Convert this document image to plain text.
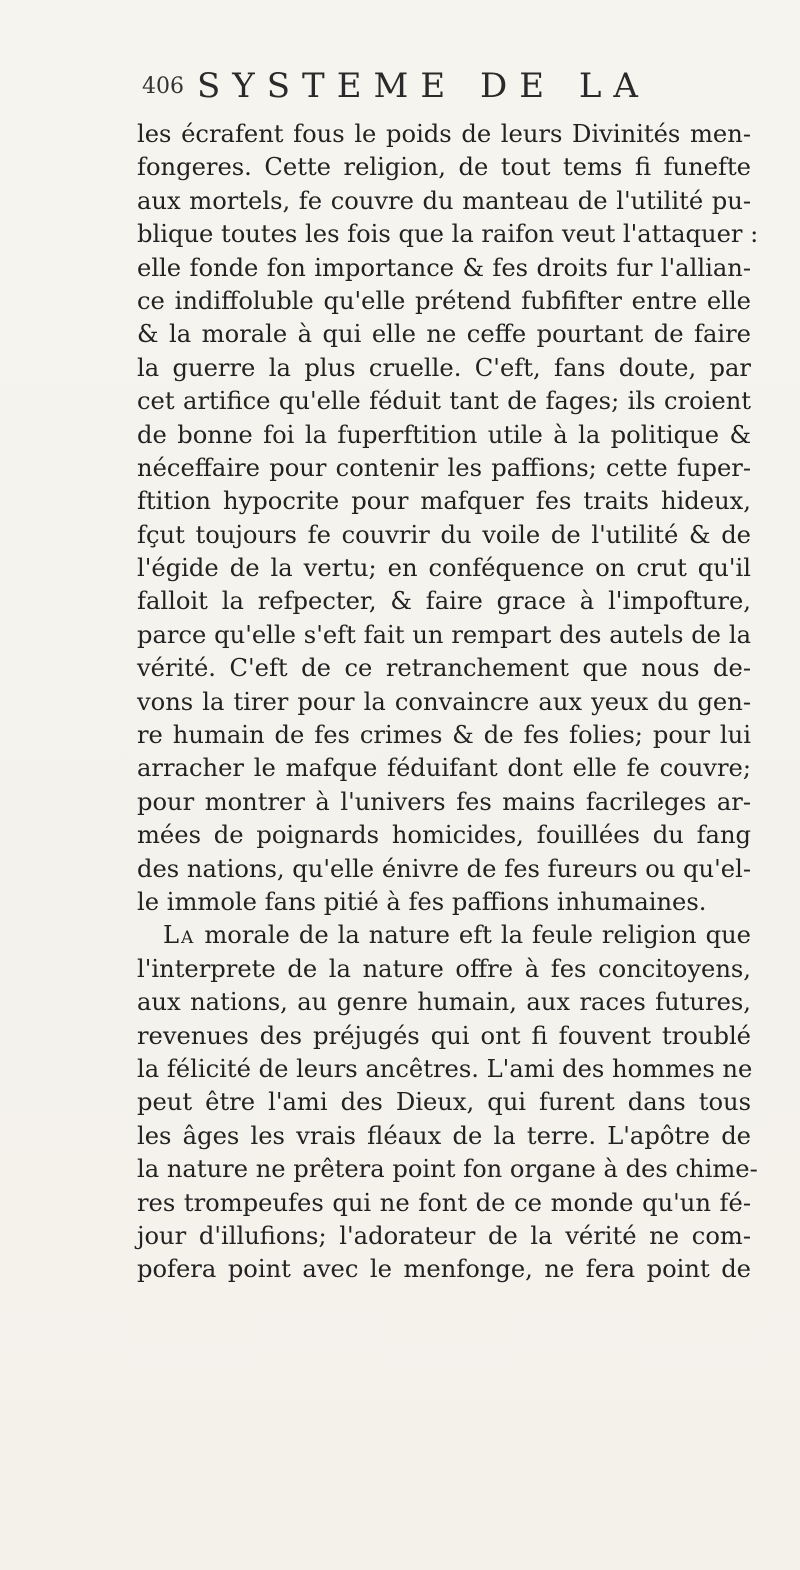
406 SYSTEME DE LA
les écrafent fous le poids de leurs Divinités men-
fongeres. Cette religion, de tout tems fi funefte
aux mortels, fe couvre du manteau de l'utilité pu-
blique toutes les fois que la raifon veut l'attaquer :
elle fonde fon importance & fes droits fur l'allian-
ce indiffoluble qu'elle prétend fubfifter entre elle
& la morale à qui elle ne ceffe pourtant de faire
la guerre la plus cruelle. C'eft, fans doute, par
cet artifice qu'elle féduit tant de fages; ils croient
de bonne foi la fuperftition utile à la politique &
néceffaire pour contenir les paffions; cette fuper-
ftition hypocrite pour mafquer fes traits hideux,
fçut toujours fe couvrir du voile de l'utilité & de
l'égide de la vertu; en conféquence on crut qu'il
falloit la refpecter, & faire grace à l'impofture,
parce qu'elle s'eft fait un rempart des autels de la
vérité. C'eft de ce retranchement que nous de-
vons la tirer pour la convaincre aux yeux du gen-
re humain de fes crimes & de fes folies; pour lui
arracher le mafque féduifant dont elle fe couvre;
pour montrer à l'univers fes mains facrileges ar-
mées de poignards homicides, fouillées du fang
des nations, qu'elle énivre de fes fureurs ou qu'el-
le immole fans pitié à fes paffions inhumaines.
La morale de la nature eft la feule religion que
l'interprete de la nature offre à fes concitoyens,
aux nations, au genre humain, aux races futures,
revenues des préjugés qui ont fi fouvent troublé
la félicité de leurs ancêtres. L'ami des hommes ne
peut être l'ami des Dieux, qui furent dans tous
les âges les vrais fléaux de la terre. L'apôtre de
la nature ne prêtera point fon organe à des chime-
res trompeufes qui ne font de ce monde qu'un fé-
jour d'illufions; l'adorateur de la vérité ne com-
pofera point avec le menfonge, ne fera point de
